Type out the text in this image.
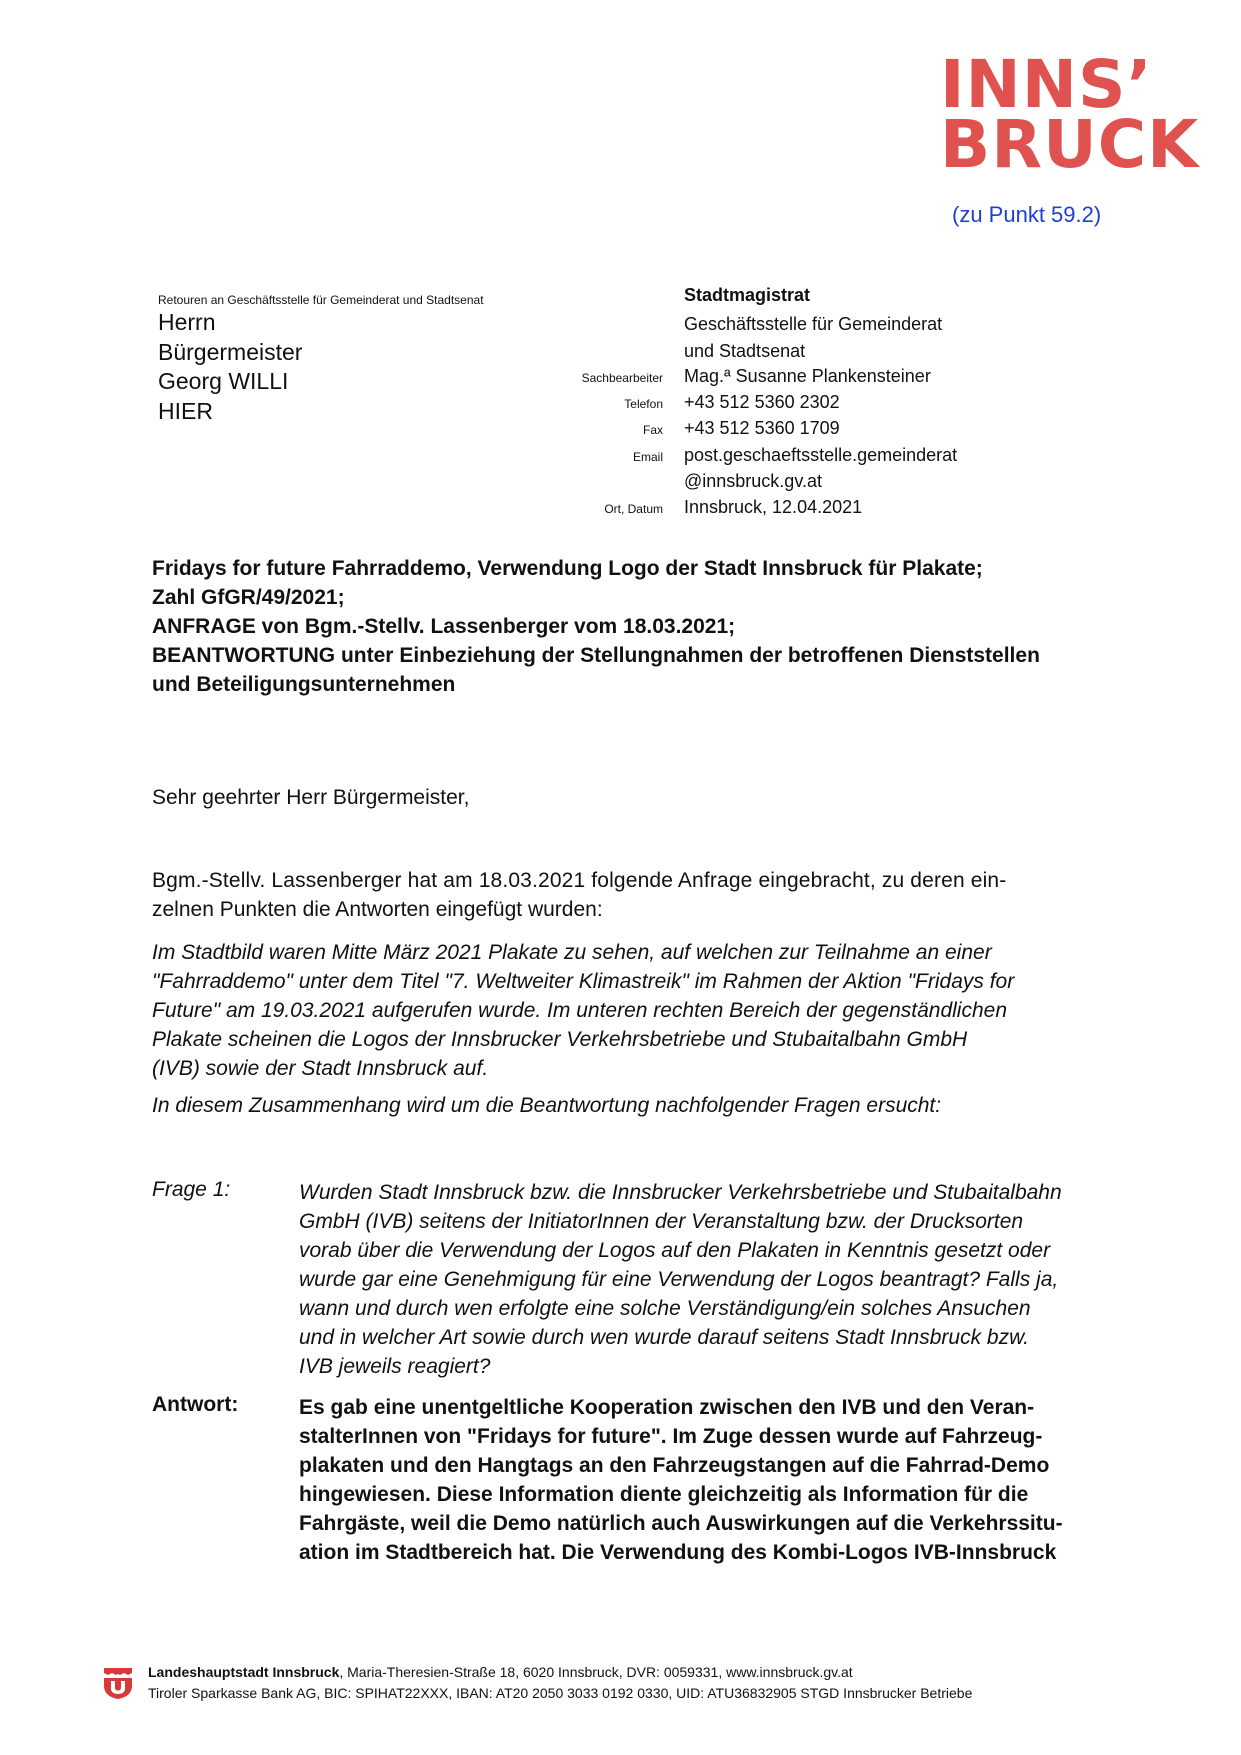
INNS’
BRUCK
(zu Punkt 59.2)
Retouren an Geschäftsstelle für Gemeinderat und Stadtsenat
Herrn
Bürgermeister
Georg WILLI
HIER
Stadtmagistrat
Geschäftsstelle für Gemeinderat
und Stadtsenat
Sachbearbeiter Mag.ª Susanne Plankensteiner
Telefon +43 512 5360 2302
Fax +43 512 5360 1709
Email post.geschaeftsstelle.gemeinderat
@innsbruck.gv.at
Ort, Datum Innsbruck, 12.04.2021
Fridays for future Fahrraddemo, Verwendung Logo der Stadt Innsbruck für Plakate;
Zahl GfGR/49/2021;
ANFRAGE von Bgm.-Stellv. Lassenberger vom 18.03.2021;
BEANTWORTUNG unter Einbeziehung der Stellungnahmen der betroffenen Dienststellen
und Beteiligungsunternehmen
Sehr geehrter Herr Bürgermeister,
Bgm.-Stellv. Lassenberger hat am 18.03.2021 folgende Anfrage eingebracht, zu deren ein-
zelnen Punkten die Antworten eingefügt wurden:
Im Stadtbild waren Mitte März 2021 Plakate zu sehen, auf welchen zur Teilnahme an einer
"Fahrraddemo" unter dem Titel "7. Weltweiter Klimastreik" im Rahmen der Aktion "Fridays for
Future" am 19.03.2021 aufgerufen wurde. Im unteren rechten Bereich der gegenständlichen
Plakate scheinen die Logos der Innsbrucker Verkehrsbetriebe und Stubaitalbahn GmbH
(IVB) sowie der Stadt Innsbruck auf.
In diesem Zusammenhang wird um die Beantwortung nachfolgender Fragen ersucht:
Frage 1:	Wurden Stadt Innsbruck bzw. die Innsbrucker Verkehrsbetriebe und Stubaitalbahn
GmbH (IVB) seitens der InitiatorInnen der Veranstaltung bzw. der Drucksorten
vorab über die Verwendung der Logos auf den Plakaten in Kenntnis gesetzt oder
wurde gar eine Genehmigung für eine Verwendung der Logos beantragt? Falls ja,
wann und durch wen erfolgte eine solche Verständigung/ein solches Ansuchen
und in welcher Art sowie durch wen wurde darauf seitens Stadt Innsbruck bzw.
IVB jeweils reagiert?
Antwort:	Es gab eine unentgeltliche Kooperation zwischen den IVB und den Veran-
stalterInnen von "Fridays for future". Im Zuge dessen wurde auf Fahrzeug-
plakaten und den Hangtags an den Fahrzeugstangen auf die Fahrrad-Demo
hingewiesen. Diese Information diente gleichzeitig als Information für die
Fahrgäste, weil die Demo natürlich auch Auswirkungen auf die Verkehrssitu-
ation im Stadtbereich hat. Die Verwendung des Kombi-Logos IVB-Innsbruck
Landeshauptstadt Innsbruck, Maria-Theresien-Straße 18, 6020 Innsbruck, DVR: 0059331, www.innsbruck.gv.at
Tiroler Sparkasse Bank AG, BIC: SPIHAT22XXX, IBAN: AT20 2050 3033 0192 0330, UID: ATU36832905 STGD Innsbrucker Betriebe
